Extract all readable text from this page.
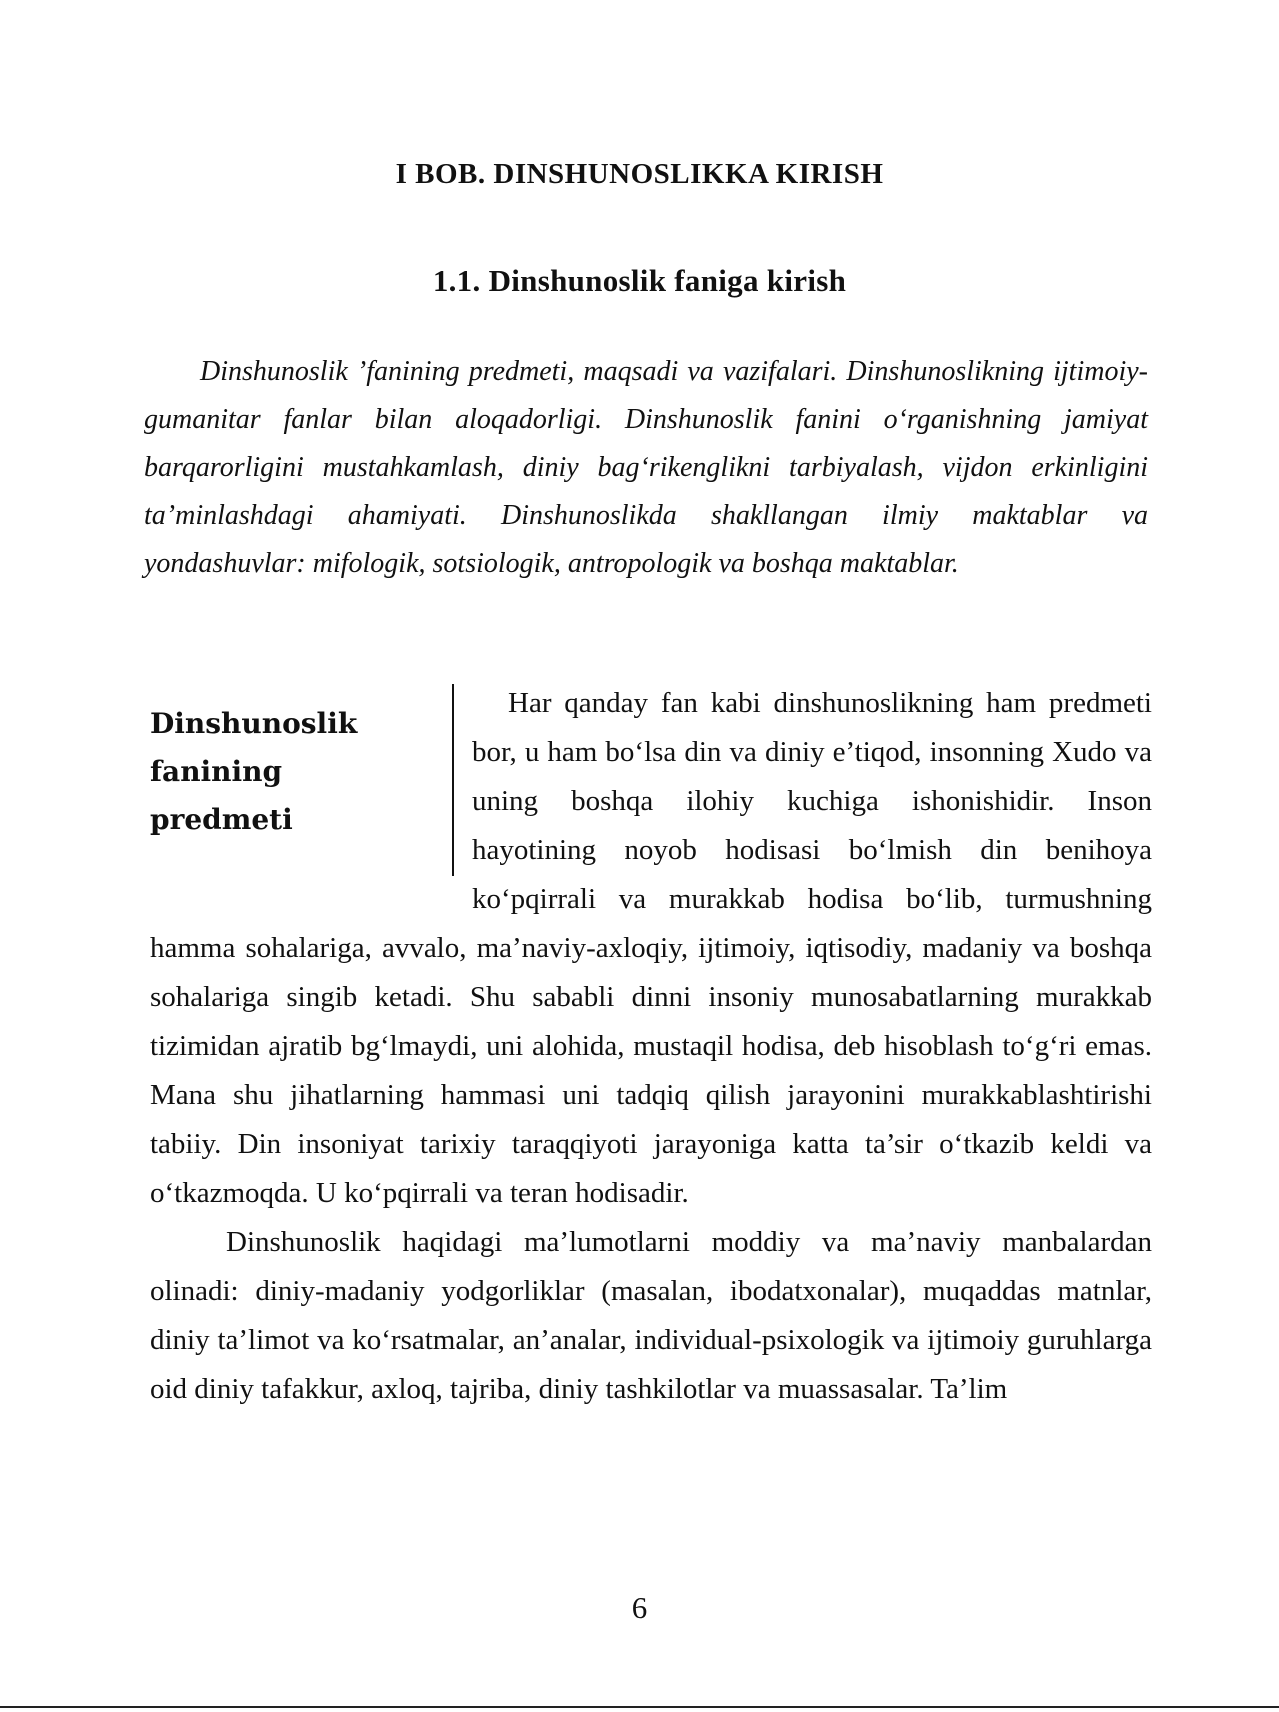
I BOB. DINSHUNOSLIKKA KIRISH
1.1. Dinshunoslik faniga kirish

Dinshunoslik ’fanining predmeti, maqsadi va vazifalari. Dinshunoslikning ijtimoiy-gumanitar fanlar bilan aloqadorligi. Dinshunoslik fanini o‘rganishning jamiyat barqarorligini mustahkamlash, diniy bag‘rikenglikni tarbiyalash, vijdon erkinligini ta’minlashdagi ahamiyati. Dinshunoslikda shakllangan ilmiy maktablar va yondashuvlar: mifologik, sotsiologik, antropologik va boshqa maktablar.

Dinshunoslik fanining predmeti

Har qanday fan kabi dinshunoslikning ham predmeti bor, u ham bo‘lsa din va diniy e’tiqod, insonning Xudo va uning boshqa ilohiy kuchiga ishonishidir. Inson hayotining noyob hodisasi bo‘lmish din benihoya ko‘pqirrali va murakkab hodisa bo‘lib, turmushning hamma sohalariga, avvalo, ma’naviy-axloqiy, ijtimoiy, iqtisodiy, madaniy va boshqa sohalariga singib ketadi. Shu sababli dinni insoniy munosabatlarning murakkab tizimidan ajratib bg‘lmaydi, uni alohida, mustaqil hodisa, deb hisoblash to‘g‘ri emas. Mana shu jihatlarning hammasi uni tadqiq qilish jarayonini murakkablashtirishi tabiiy. Din insoniyat tarixiy taraqqiyoti jarayoniga katta ta’sir o‘tkazib keldi va o‘tkazmoqda. U ko‘pqirrali va teran hodisadir.

Dinshunoslik haqidagi ma’lumotlarni moddiy va ma’naviy manbalardan olinadi: diniy-madaniy yodgorliklar (masalan, ibodatxonalar), muqaddas matnlar, diniy ta’limot va ko‘rsatmalar, an’analar, individual-psixologik va ijtimoiy guruhlarga oid diniy tafakkur, axloq, tajriba, diniy tashkilotlar va muassasalar. Ta’lim

6
